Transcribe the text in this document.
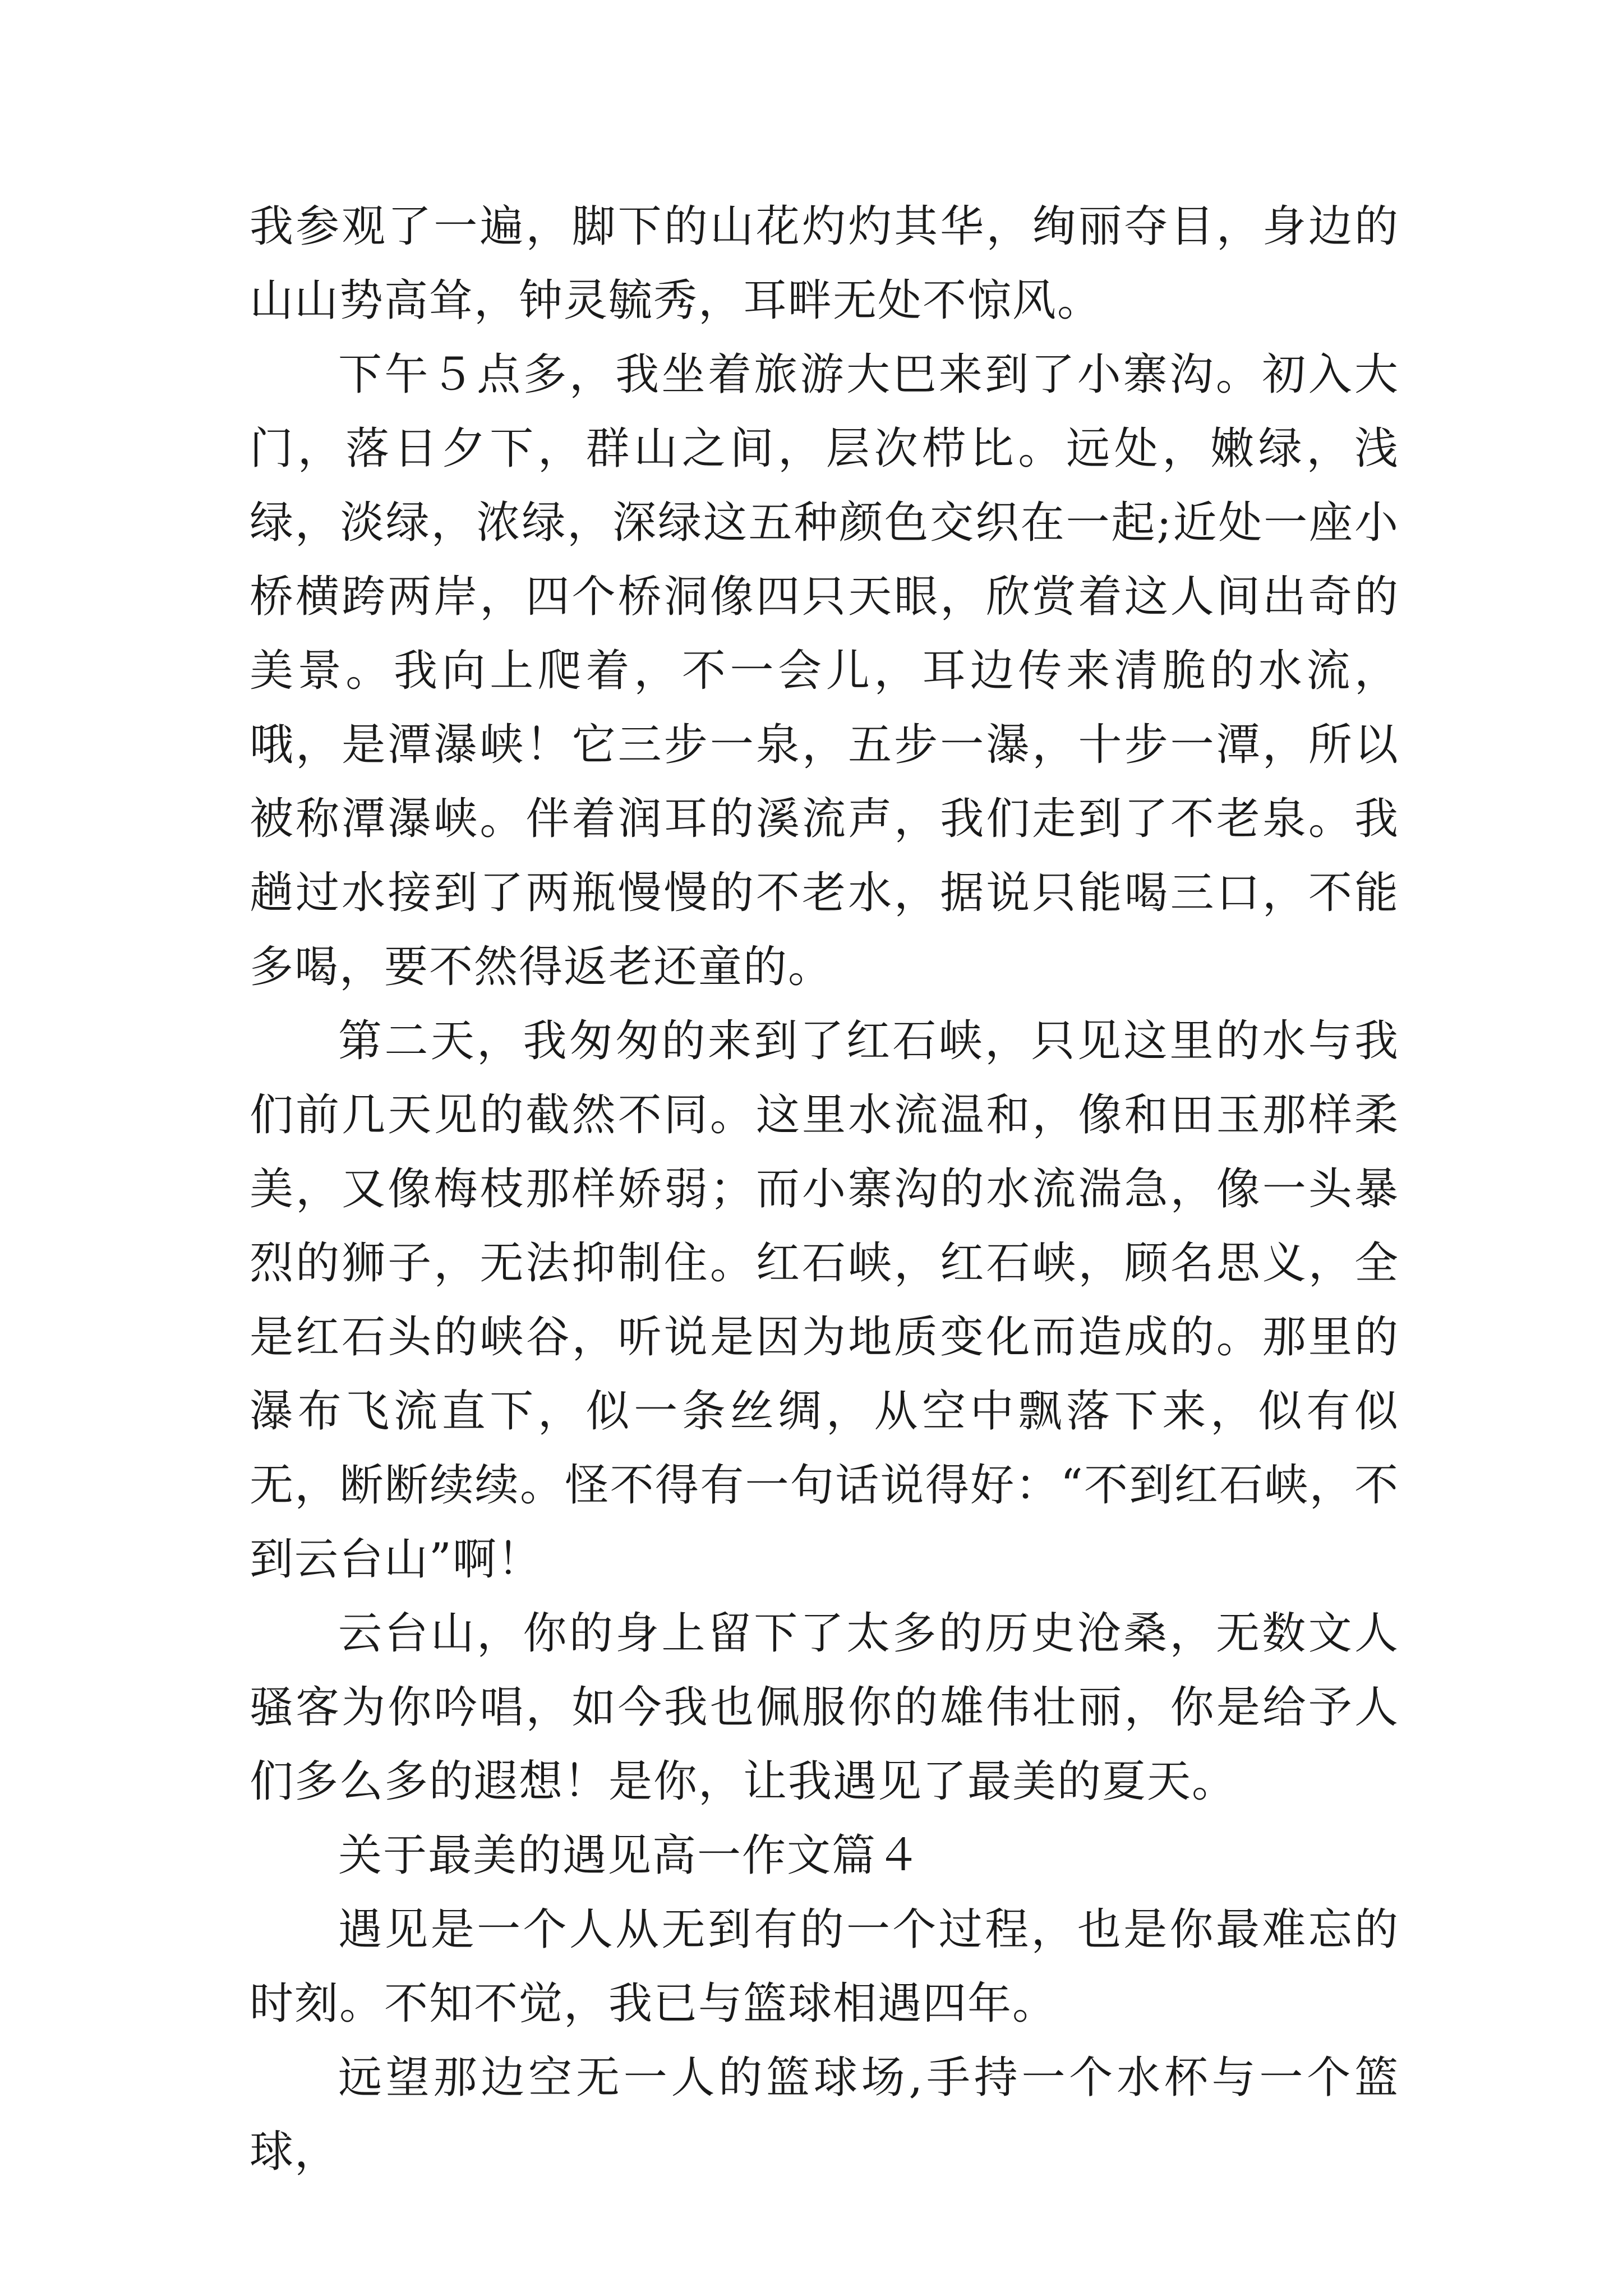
我参观了一遍，脚下的山花灼灼其华，绚丽夺目，身边的山山势高耸，钟灵毓秀，耳畔无处不惊风。

下午５点多，我坐着旅游大巴来到了小寨沟。初入大门，落日夕下，群山之间，层次栉比。远处，嫩绿，浅绿，淡绿，浓绿，深绿这五种颜色交织在一起;近处一座小桥横跨两岸，四个桥洞像四只天眼，欣赏着这人间出奇的美景。我向上爬着，不一会儿，耳边传来清脆的水流，哦，是潭瀑峡！它三步一泉，五步一瀑，十步一潭，所以被称潭瀑峡。伴着润耳的溪流声，我们走到了不老泉。我趟过水接到了两瓶慢慢的不老水，据说只能喝三口，不能多喝，要不然得返老还童的。

第二天，我匆匆的来到了红石峡，只见这里的水与我们前几天见的截然不同。这里水流温和，像和田玉那样柔美，又像梅枝那样娇弱；而小寨沟的水流湍急，像一头暴烈的狮子，无法抑制住。红石峡，红石峡，顾名思义，全是红石头的峡谷，听说是因为地质变化而造成的。那里的瀑布飞流直下，似一条丝绸，从空中飘落下来，似有似无，断断续续。怪不得有一句话说得好：“不到红石峡，不到云台山”啊！

云台山，你的身上留下了太多的历史沧桑，无数文人骚客为你吟唱，如今我也佩服你的雄伟壮丽，你是给予人们多么多的遐想！是你，让我遇见了最美的夏天。

关于最美的遇见高一作文篇４

遇见是一个人从无到有的一个过程，也是你最难忘的时刻。不知不觉，我已与篮球相遇四年。

远望那边空无一人的篮球场,手持一个水杯与一个篮球，
